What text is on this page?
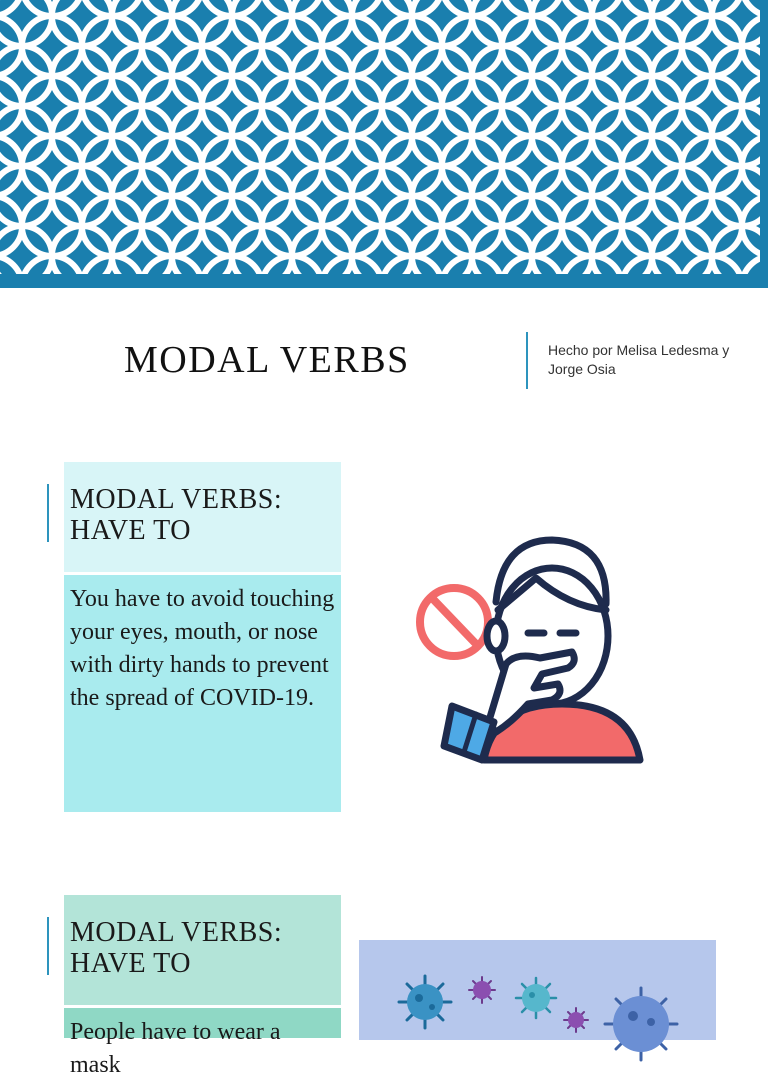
MODAL VERBS	Hecho por Melisa Ledesma y Jorge Osia
MODAL VERBS: HAVE TO
You have to avoid touching your eyes, mouth, or nose with dirty hands to prevent the spread of COVID-19.
MODAL VERBS: HAVE TO
People have to wear a mask
